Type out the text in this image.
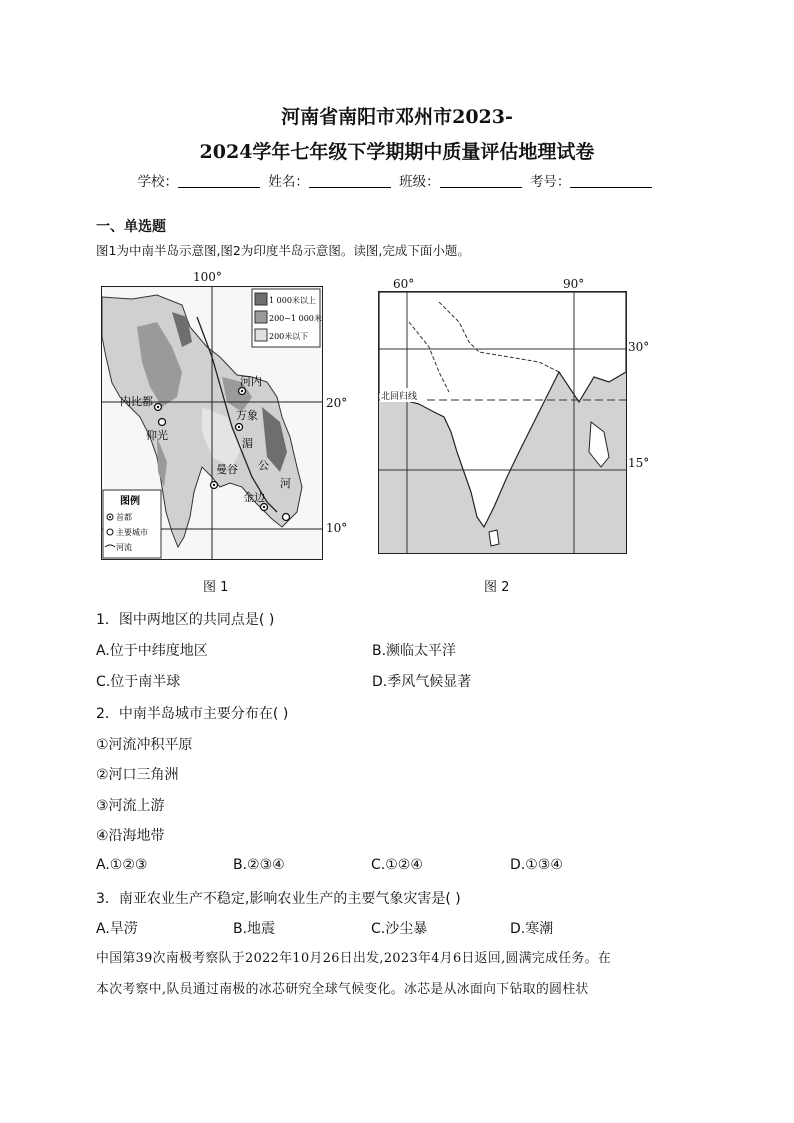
河南省南阳市邓州市2023-
2024学年七年级下学期期中质量评估地理试卷
学校：	姓名：	班级：	考号：
一、单选题
图1为中南半岛示意图,图2为印度半岛示意图。读图,完成下面小题。
100°
1 000米以上
200~1 000米
200米以下
内比都
仰光
河内
万象
曼谷
金边
湄
公
河
图例
首都
主要城市
河流
20°
10°
图 1
60°	90°
北回归线
30°
15°
图 2
1．图中两地区的共同点是( )
A.位于中纬度地区	B.濒临太平洋
C.位于南半球	D.季风气候显著
2．中南半岛城市主要分布在( )
①河流冲积平原
②河口三角洲
③河流上游
④沿海地带
A.①②③	B.②③④	C.①②④	D.①③④
3．南亚农业生产不稳定,影响农业生产的主要气象灾害是( )
A.旱涝	B.地震	C.沙尘暴	D.寒潮
中国第39次南极考察队于2022年10月26日出发,2023年4月6日返回,圆满完成任务。在
本次考察中,队员通过南极的冰芯研究全球气候变化。冰芯是从冰面向下钻取的圆柱状
